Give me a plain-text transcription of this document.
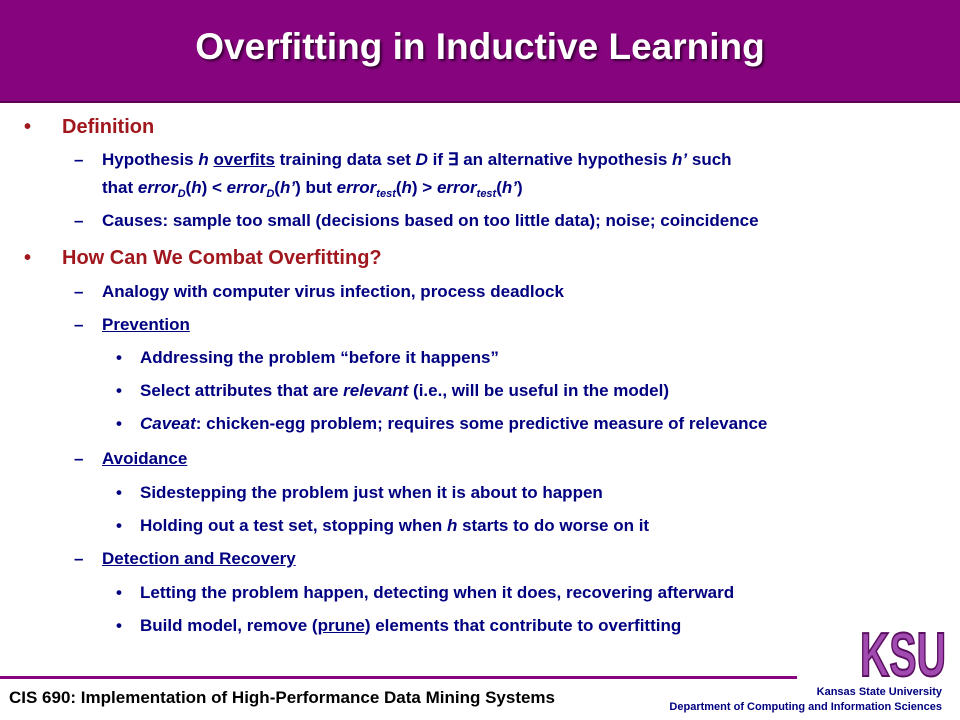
Overfitting in Inductive Learning
• Definition
– Hypothesis h overfits training data set D if ∃ an alternative hypothesis h’ such
that error$_D$(h) < error$_D$(h’) but error$_{test}$(h) > error$_{test}$(h’)
– Causes: sample too small (decisions based on too little data); noise; coincidence
• How Can We Combat Overfitting?
– Analogy with computer virus infection, process deadlock
– Prevention
• Addressing the problem “before it happens”
• Select attributes that are relevant (i.e., will be useful in the model)
• Caveat: chicken-egg problem; requires some predictive measure of relevance
– Avoidance
• Sidestepping the problem just when it is about to happen
• Holding out a test set, stopping when h starts to do worse on it
– Detection and Recovery
• Letting the problem happen, detecting when it does, recovering afterward
• Build model, remove (prune) elements that contribute to overfitting	KSU
CIS 690: Implementation of High-Performance Data Mining Systems	Kansas State University
Department of Computing and Information Sciences
